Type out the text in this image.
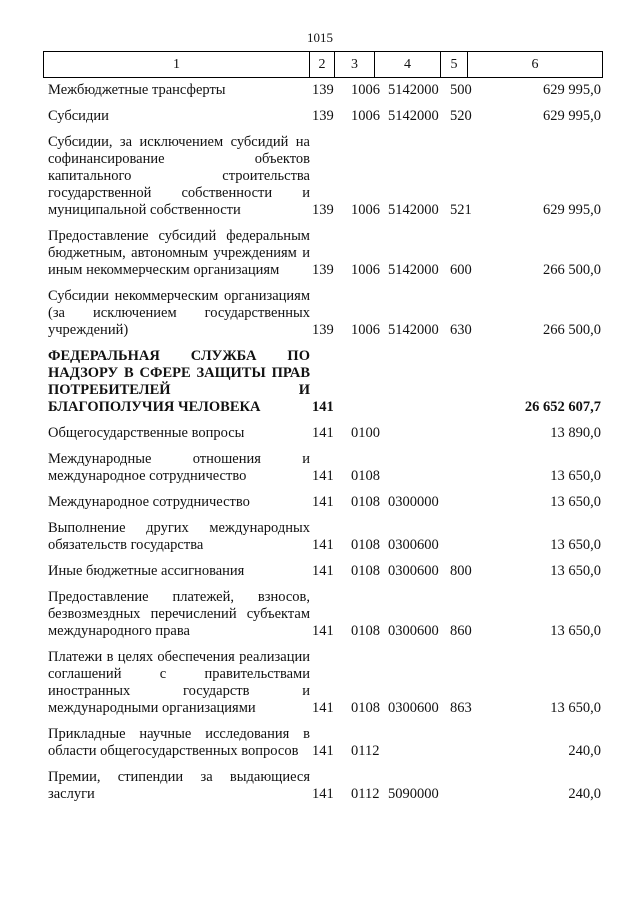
1015
1	2	3	4	5	6
Межбюджетные трансферты	139	1006 5142000 500	629 995,0
Субсидии	139	1006 5142000 520	629 995,0
Субсидии, за исключением субсидий на софинансирование объектов капитального строительства государственной собственности и муниципальной собственности	139	1006 5142000 521	629 995,0
Предоставление субсидий федеральным бюджетным, автономным учреждениям и иным некоммерческим организациям	139	1006 5142000 600	266 500,0
Субсидии некоммерческим организациям (за исключением государственных учреждений)	139	1006 5142000 630	266 500,0
ФЕДЕРАЛЬНАЯ СЛУЖБА ПО НАДЗОРУ В СФЕРЕ ЗАЩИТЫ ПРАВ ПОТРЕБИТЕЛЕЙ И БЛАГОПОЛУЧИЯ ЧЕЛОВЕКА	141	26 652 607,7
Общегосударственные вопросы	141	0100	13 890,0
Международные отношения и международное сотрудничество	141	0108	13 650,0
Международное сотрудничество	141	0108 0300000	13 650,0
Выполнение других международных обязательств государства	141	0108 0300600	13 650,0
Иные бюджетные ассигнования	141	0108 0300600 800	13 650,0
Предоставление платежей, взносов, безвозмездных перечислений субъектам международного права	141	0108 0300600 860	13 650,0
Платежи в целях обеспечения реализации соглашений с правительствами иностранных государств и международными организациями	141	0108 0300600 863	13 650,0
Прикладные научные исследования в области общегосударственных вопросов 141	0112	240,0
Премии, стипендии за выдающиеся заслуги	141	0112 5090000	240,0
